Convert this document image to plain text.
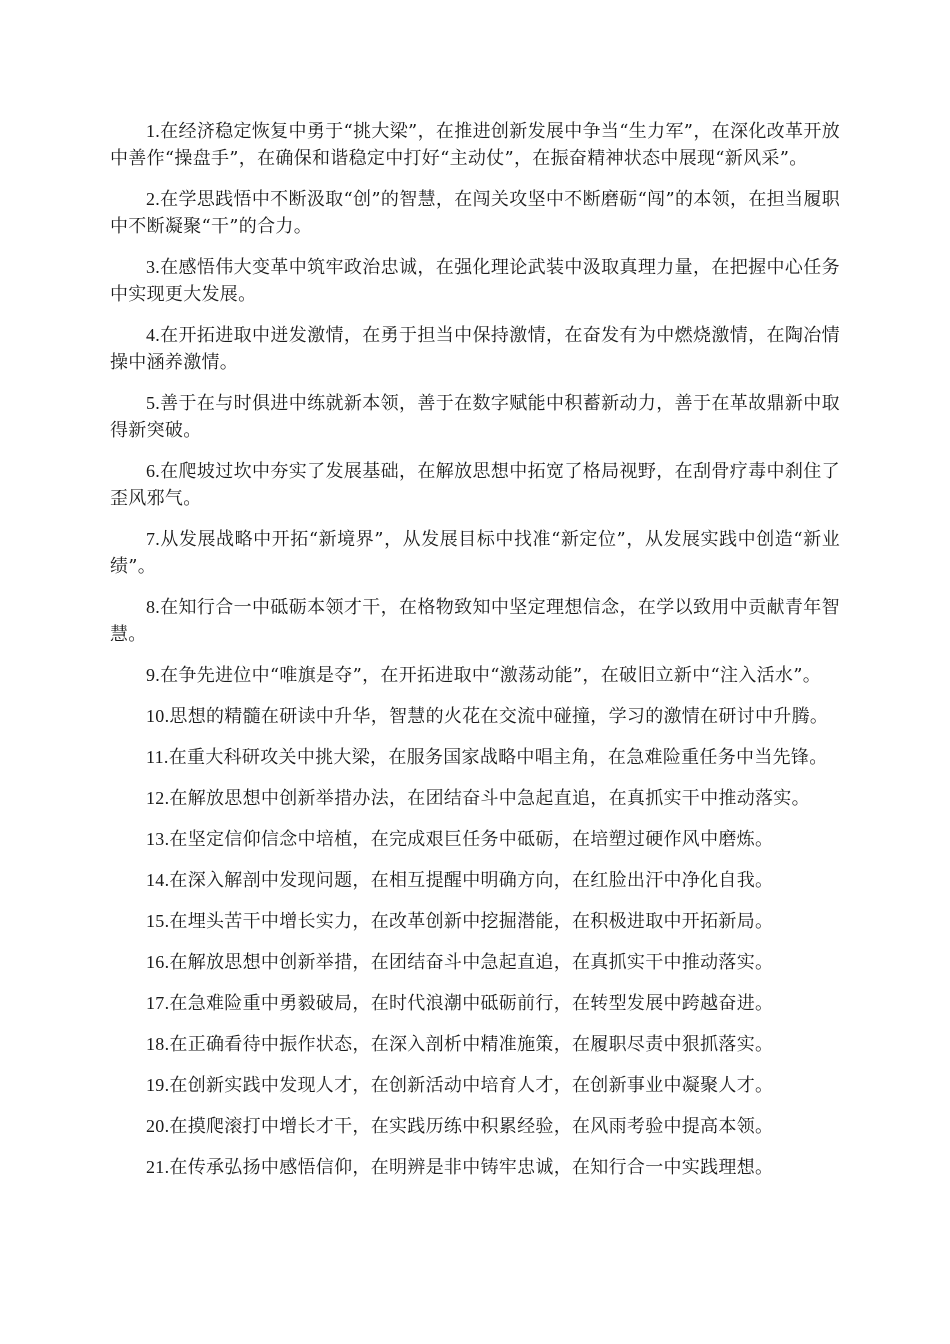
1.在经济稳定恢复中勇于“挑大梁”，在推进创新发展中争当“生力军”，在深化改革开放中善作“操盘手”，在确保和谐稳定中打好“主动仗”，在振奋精神状态中展现“新风采”。

2.在学思践悟中不断汲取“创”的智慧，在闯关攻坚中不断磨砺“闯”的本领，在担当履职中不断凝聚“干”的合力。

3.在感悟伟大变革中筑牢政治忠诚，在强化理论武装中汲取真理力量，在把握中心任务中实现更大发展。

4.在开拓进取中迸发激情，在勇于担当中保持激情，在奋发有为中燃烧激情，在陶冶情操中涵养激情。

5.善于在与时俱进中练就新本领，善于在数字赋能中积蓄新动力，善于在革故鼎新中取得新突破。

6.在爬坡过坎中夯实了发展基础，在解放思想中拓宽了格局视野，在刮骨疗毒中刹住了歪风邪气。

7.从发展战略中开拓“新境界”，从发展目标中找准“新定位”，从发展实践中创造“新业绩”。

8.在知行合一中砥砺本领才干，在格物致知中坚定理想信念，在学以致用中贡献青年智慧。

9.在争先进位中“唯旗是夺”，在开拓进取中“激荡动能”，在破旧立新中“注入活水”。

10.思想的精髓在研读中升华，智慧的火花在交流中碰撞，学习的激情在研讨中升腾。

11.在重大科研攻关中挑大梁，在服务国家战略中唱主角，在急难险重任务中当先锋。

12.在解放思想中创新举措办法，在团结奋斗中急起直追，在真抓实干中推动落实。

13.在坚定信仰信念中培植，在完成艰巨任务中砥砺，在培塑过硬作风中磨炼。

14.在深入解剖中发现问题，在相互提醒中明确方向，在红脸出汗中净化自我。

15.在埋头苦干中增长实力，在改革创新中挖掘潜能，在积极进取中开拓新局。

16.在解放思想中创新举措，在团结奋斗中急起直追，在真抓实干中推动落实。

17.在急难险重中勇毅破局，在时代浪潮中砥砺前行，在转型发展中跨越奋进。

18.在正确看待中振作状态，在深入剖析中精准施策，在履职尽责中狠抓落实。

19.在创新实践中发现人才，在创新活动中培育人才，在创新事业中凝聚人才。

20.在摸爬滚打中增长才干，在实践历练中积累经验，在风雨考验中提高本领。

21.在传承弘扬中感悟信仰，在明辨是非中铸牢忠诚，在知行合一中实践理想。
